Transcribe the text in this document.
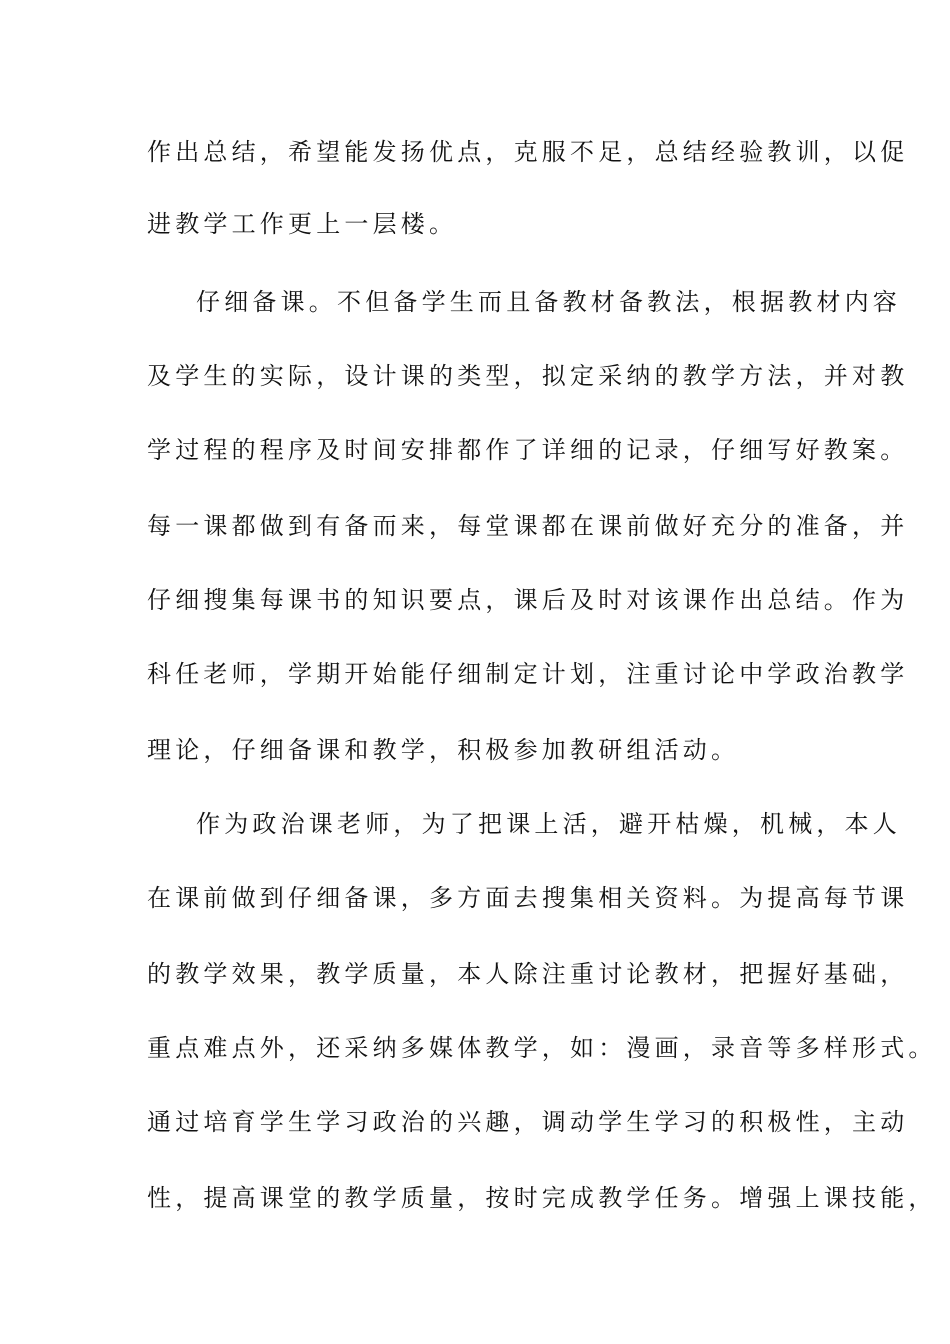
作出总结，希望能发扬优点，克服不足，总结经验教训，以促
进教学工作更上一层楼。
仔细备课。不但备学生而且备教材备教法，根据教材内容
及学生的实际，设计课的类型，拟定采纳的教学方法，并对教
学过程的程序及时间安排都作了详细的记录，仔细写好教案。
每一课都做到有备而来，每堂课都在课前做好充分的准备，并
仔细搜集每课书的知识要点，课后及时对该课作出总结。作为
科任老师，学期开始能仔细制定计划，注重讨论中学政治教学
理论，仔细备课和教学，积极参加教研组活动。
作为政治课老师，为了把课上活，避开枯燥，机械，本人
在课前做到仔细备课，多方面去搜集相关资料。为提高每节课
的教学效果，教学质量，本人除注重讨论教材，把握好基础，
重点难点外，还采纳多媒体教学，如：漫画，录音等多样形式。
通过培育学生学习政治的兴趣，调动学生学习的积极性，主动
性，提高课堂的教学质量，按时完成教学任务。增强上课技能，
